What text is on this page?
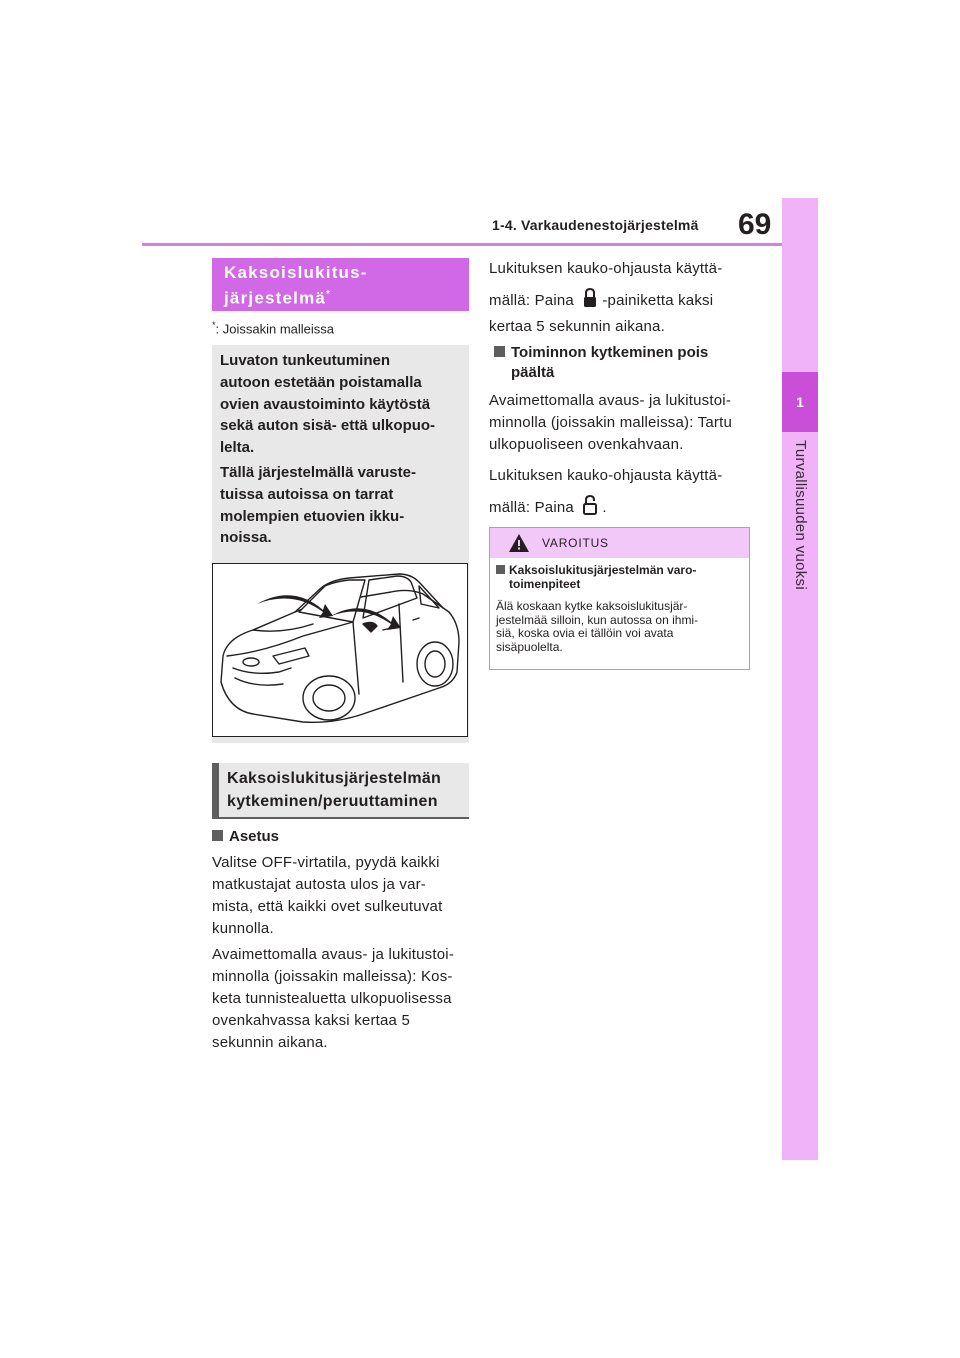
1-4. Varkaudenestojärjestelmä 69
1
Turvallisuuden vuoksi
Kaksoislukitus-
järjestelmä*
*: Joissakin malleissa
Luvaton tunkeutuminen
autoon estetään poistamalla
ovien avaustoiminto käytöstä
sekä auton sisä- että ulkopuo-
lelta.
Tällä järjestelmällä varuste-
tuissa autoissa on tarrat
molempien etuovien ikku-
noissa.
Kaksoislukitusjärjestelmän
kytkeminen/peruuttaminen
Asetus
Valitse OFF-virtatila, pyydä kaikki
matkustajat autosta ulos ja var-
mista, että kaikki ovet sulkeutuvat
kunnolla.
Avaimettomalla avaus- ja lukitustoi-
minnolla (joissakin malleissa): Kos-
keta tunnistealuetta ulkopuolisessa
ovenkahvassa kaksi kertaa 5
sekunnin aikana.
Lukituksen kauko-ohjausta käyttä-
mällä: Paina -painiketta kaksi
kertaa 5 sekunnin aikana.
Toiminnon kytkeminen pois
päältä
Avaimettomalla avaus- ja lukitustoi-
minnolla (joissakin malleissa): Tartu
ulkopuoliseen ovenkahvaan.
Lukituksen kauko-ohjausta käyttä-
mällä: Paina .
VAROITUS
Kaksoislukitusjärjestelmän varo-
toimenpiteet
Älä koskaan kytke kaksoislukitusjär-
jestelmää silloin, kun autossa on ihmi-
siä, koska ovia ei tällöin voi avata
sisäpuolelta.
